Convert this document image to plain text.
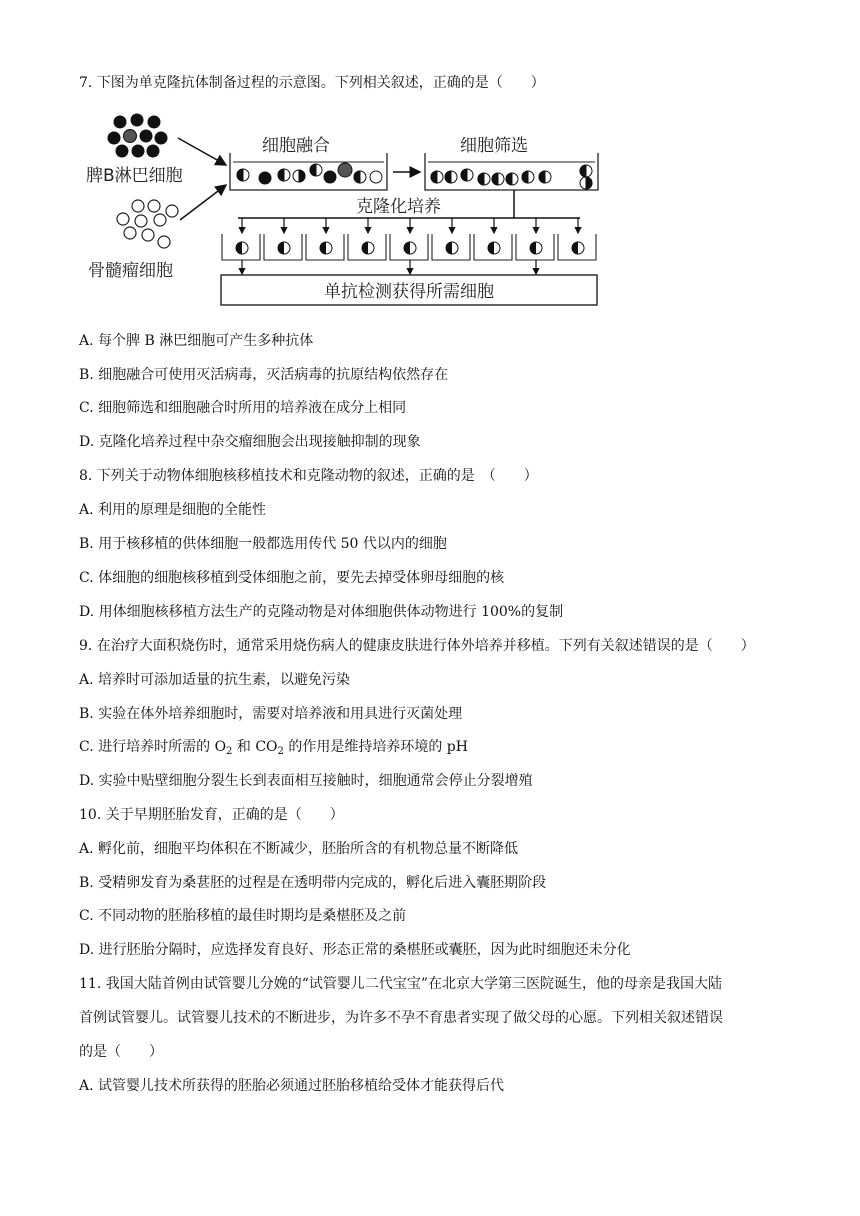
7. 下图为单克隆抗体制备过程的示意图。下列相关叙述，正确的是（　　）
脾B淋巴细胞
骨髓瘤细胞
细胞融合	细胞筛选
克隆化培养
单抗检测获得所需细胞
A. 每个脾 B 淋巴细胞可产生多种抗体
B. 细胞融合可使用灭活病毒，灭活病毒的抗原结构依然存在
C. 细胞筛选和细胞融合时所用的培养液在成分上相同
D. 克隆化培养过程中杂交瘤细胞会出现接触抑制的现象
8. 下列关于动物体细胞核移植技术和克隆动物的叙述，正确的是　（　　）
A. 利用的原理是细胞的全能性
B. 用于核移植的供体细胞一般都选用传代 50 代以内的细胞
C. 体细胞的细胞核移植到受体细胞之前，要先去掉受体卵母细胞的核
D. 用体细胞核移植方法生产的克隆动物是对体细胞供体动物进行 100%的复制
9. 在治疗大面积烧伤时，通常采用烧伤病人的健康皮肤进行体外培养并移植。下列有关叙述错误的是（　　）
A. 培养时可添加适量的抗生素，以避免污染
B. 实验在体外培养细胞时，需要对培养液和用具进行灭菌处理
C. 进行培养时所需的 $O_2$ 和 $CO_2$ 的作用是维持培养环境的 pH
D. 实验中贴壁细胞分裂生长到表面相互接触时，细胞通常会停止分裂增殖
10. 关于早期胚胎发育，正确的是（　　）
A. 孵化前，细胞平均体积在不断减少，胚胎所含的有机物总量不断降低
B. 受精卵发育为桑葚胚的过程是在透明带内完成的，孵化后进入囊胚期阶段
C. 不同动物的胚胎移植的最佳时期均是桑椹胚及之前
D. 进行胚胎分隔时，应选择发育良好、形态正常的桑椹胚或囊胚，因为此时细胞还未分化
11. 我国大陆首例由试管婴儿分娩的“试管婴儿二代宝宝”在北京大学第三医院诞生，他的母亲是我国大陆
首例试管婴儿。试管婴儿技术的不断进步，为许多不孕不育患者实现了做父母的心愿。下列相关叙述错误
的是（　　）
A. 试管婴儿技术所获得的胚胎必须通过胚胎移植给受体才能获得后代
